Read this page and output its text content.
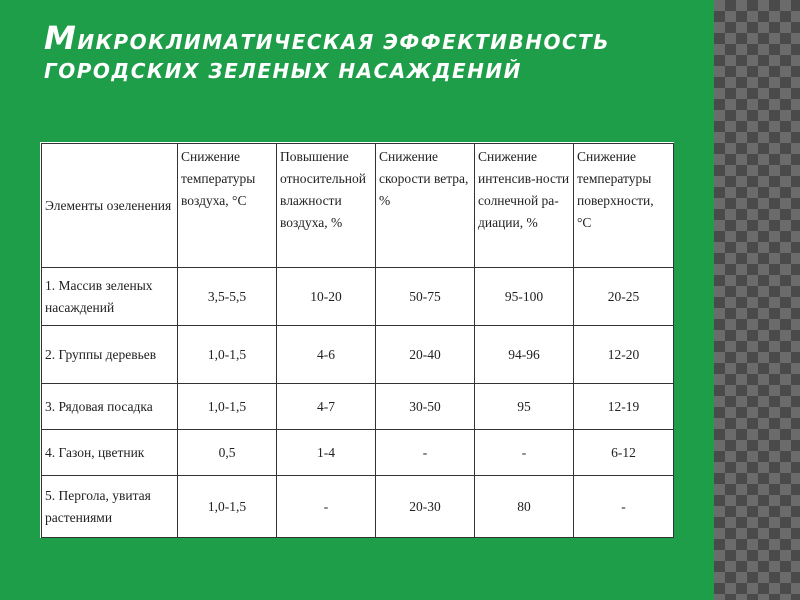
МИКРОКЛИМАТИЧЕСКАЯ ЭФФЕКТИВНОСТЬ ГОРОДСКИХ ЗЕЛЕНЫХ НАСАЖДЕНИЙ
Элементы озеленения	Снижение температуры воздуха, °С	Повышение относительной влажности воздуха, %	Снижение скорости ветра, %	Снижение интенсив-ности солнечной ра-диации, %	Снижение температуры поверхности, °С
1. Массив зеленых насаждений	3,5-5,5	10-20	50-75	95-100	20-25
2. Группы деревьев	1,0-1,5	4-6	20-40	94-96	12-20
3. Рядовая посадка	1,0-1,5	4-7	30-50	95	12-19
4. Газон, цветник	0,5	1-4	-	-	6-12
5. Пергола, увитая растениями	1,0-1,5	-	20-30	80	-
